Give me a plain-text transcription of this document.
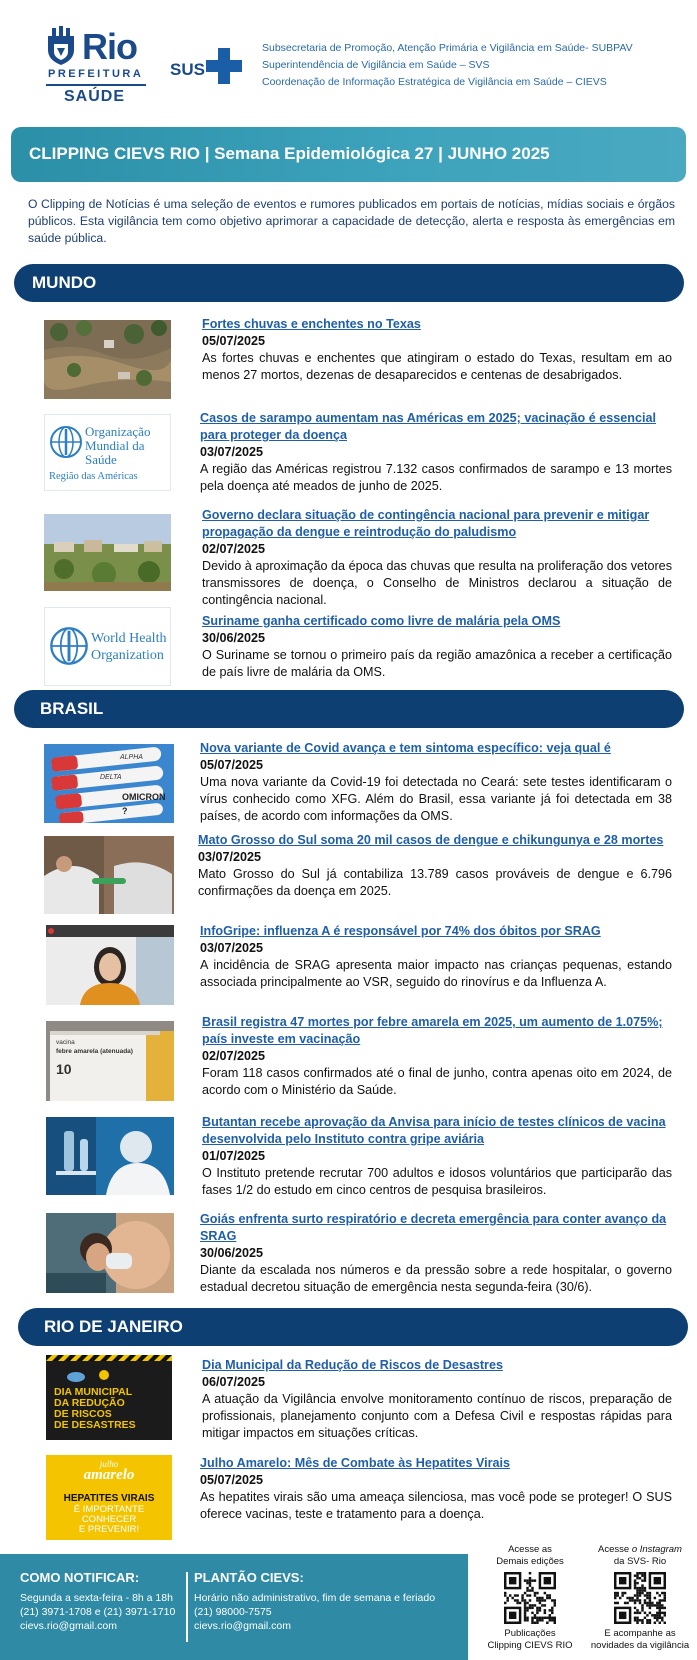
Rio
PREFEITURA
SAÚDE
SUS
Subsecretaria de Promoção, Atenção Primária e Vigilância em Saúde- SUBPAV
Superintendência de Vigilância em Saúde – SVS
Coordenação de Informação Estratégica de Vigilância em Saúde – CIEVS
CLIPPING CIEVS RIO | Semana Epidemiológica 27 | JUNHO 2025

O Clipping de Notícias é uma seleção de eventos e rumores publicados em portais de notícias, mídias sociais e órgãos públicos. Esta vigilância tem como objetivo aprimorar a capacidade de detecção, alerta e resposta às emergências em saúde pública.

MUNDO
Fortes chuvas e enchentes no Texas
05/07/2025
As fortes chuvas e enchentes que atingiram o estado do Texas, resultam em ao menos 27 mortos, dezenas de desaparecidos e centenas de desabrigados.
Organização
Mundial da Saúde
Região das Américas
Casos de sarampo aumentam nas Américas em 2025; vacinação é essencial para proteger da doença
03/07/2025
A região das Américas registrou 7.132 casos confirmados de sarampo e 13 mortes pela doença até meados de junho de 2025.
Governo declara situação de contingência nacional para prevenir e mitigar propagação da dengue e reintrodução do paludismo
02/07/2025
Devido à aproximação da época das chuvas que resulta na proliferação dos vetores transmissores de doença, o Conselho de Ministros declarou a situação de contingência nacional.
World Health
Organization
Suriname ganha certificado como livre de malária pela OMS
30/06/2025
O Suriname se tornou o primeiro país da região amazônica a receber a certificação de país livre de malária da OMS.
BRASIL
ALPHA
DELTA
OMICRON
?
Nova variante de Covid avança e tem sintoma específico: veja qual é
05/07/2025
Uma nova variante da Covid-19 foi detectada no Ceará: sete testes identificaram o vírus conhecido como XFG. Além do Brasil, essa variante já foi detectada em 38 países, de acordo com informações da OMS.
Mato Grosso do Sul soma 20 mil casos de dengue e chikungunya e 28 mortes
03/07/2025
Mato Grosso do Sul já contabiliza 13.789 casos prováveis de dengue e 6.796 confirmações da doença em 2025.
InfoGripe: influenza A é responsável por 74% dos óbitos por SRAG
03/07/2025
A incidência de SRAG apresenta maior impacto nas crianças pequenas, estando associada principalmente ao VSR, seguido do rinovírus e da Influenza A.
vacina
febre amarela (atenuada)
10
Brasil registra 47 mortes por febre amarela em 2025, um aumento de 1.075%; país investe em vacinação
02/07/2025
Foram 118 casos confirmados até o final de junho, contra apenas oito em 2024, de acordo com o Ministério da Saúde.
Butantan recebe aprovação da Anvisa para início de testes clínicos de vacina desenvolvida pelo Instituto contra gripe aviária
01/07/2025
O Instituto pretende recrutar 700 adultos e idosos voluntários que participarão das fases 1/2 do estudo em cinco centros de pesquisa brasileiros.
Goiás enfrenta surto respiratório e decreta emergência para conter avanço da SRAG
30/06/2025
Diante da escalada nos números e da pressão sobre a rede hospitalar, o governo estadual decretou situação de emergência nesta segunda-feira (30/6).
RIO DE JANEIRO
DIA MUNICIPAL
DA REDUÇÃO
DE RISCOS
DE DESASTRES
Dia Municipal da Redução de Riscos de Desastres
06/07/2025
A atuação da Vigilância envolve monitoramento contínuo de riscos, preparação de profissionais, planejamento conjunto com a Defesa Civil e respostas rápidas para mitigar impactos em situações críticas.
julho
amarelo
HEPATITES VIRAIS
É IMPORTANTE
CONHECER
E PREVENIR!
Julho Amarelo: Mês de Combate às Hepatites Virais
05/07/2025
As hepatites virais são uma ameaça silenciosa, mas você pode se proteger! O SUS oferece vacinas, teste e tratamento para a doença.
COMO NOTIFICAR:
Segunda a sexta-feira - 8h a 18h
(21) 3971-1708 e (21) 3971-1710
cievs.rio@gmail.com
PLANTÃO CIEVS:
Horário não administrativo, fim de semana e feriado
(21) 98000-7575
cievs.rio@gmail.com
Acesse as
Demais edições
Publicações
Clipping CIEVS RIO
Acesse o Instagram
da SVS- Rio
E acompanhe as
novidades da vigilância
